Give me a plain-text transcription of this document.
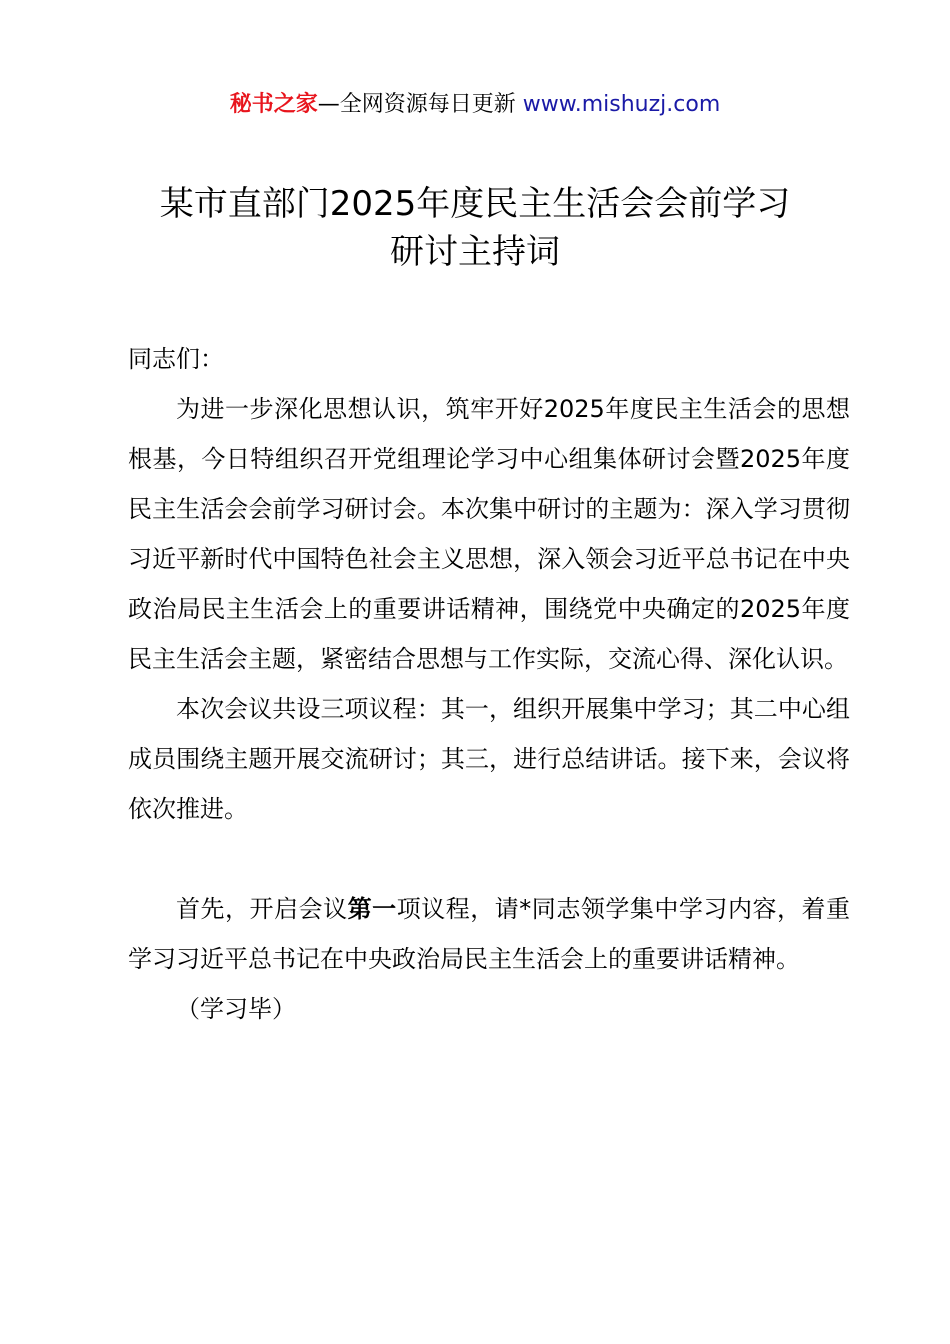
秘书之家—全网资源每日更新 www.mishuzj.com
某市直部门2025年度民主生活会会前学习
研讨主持词

同志们：

为进一步深化思想认识，筑牢开好2025年度民主生活会的思想根基，今日特组织召开党组理论学习中心组集体研讨会暨2025年度民主生活会会前学习研讨会。本次集中研讨的主题为：深入学习贯彻习近平新时代中国特色社会主义思想，深入领会习近平总书记在中央政治局民主生活会上的重要讲话精神，围绕党中央确定的2025年度民主生活会主题，紧密结合思想与工作实际，交流心得、深化认识。

本次会议共设三项议程：其一，组织开展集中学习；其二中心组成员围绕主题开展交流研讨；其三，进行总结讲话。接下来，会议将依次推进。

首先，开启会议第一项议程，请*同志领学集中学习内容，着重学习习近平总书记在中央政治局民主生活会上的重要讲话精神。

（学习毕）
